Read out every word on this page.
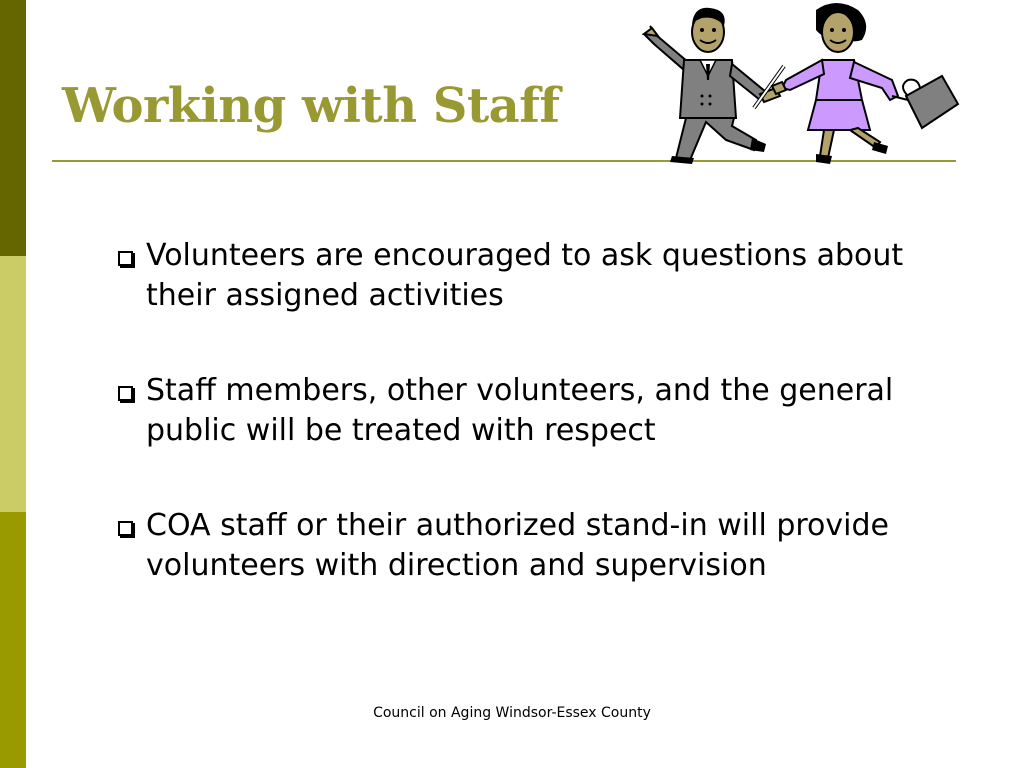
Working with Staff
Volunteers are encouraged to ask questions about their assigned activities
Staff members, other volunteers, and the general public will be treated with respect
COA staff or their authorized stand-in will provide volunteers with direction and supervision
Council on Aging Windsor-Essex County
